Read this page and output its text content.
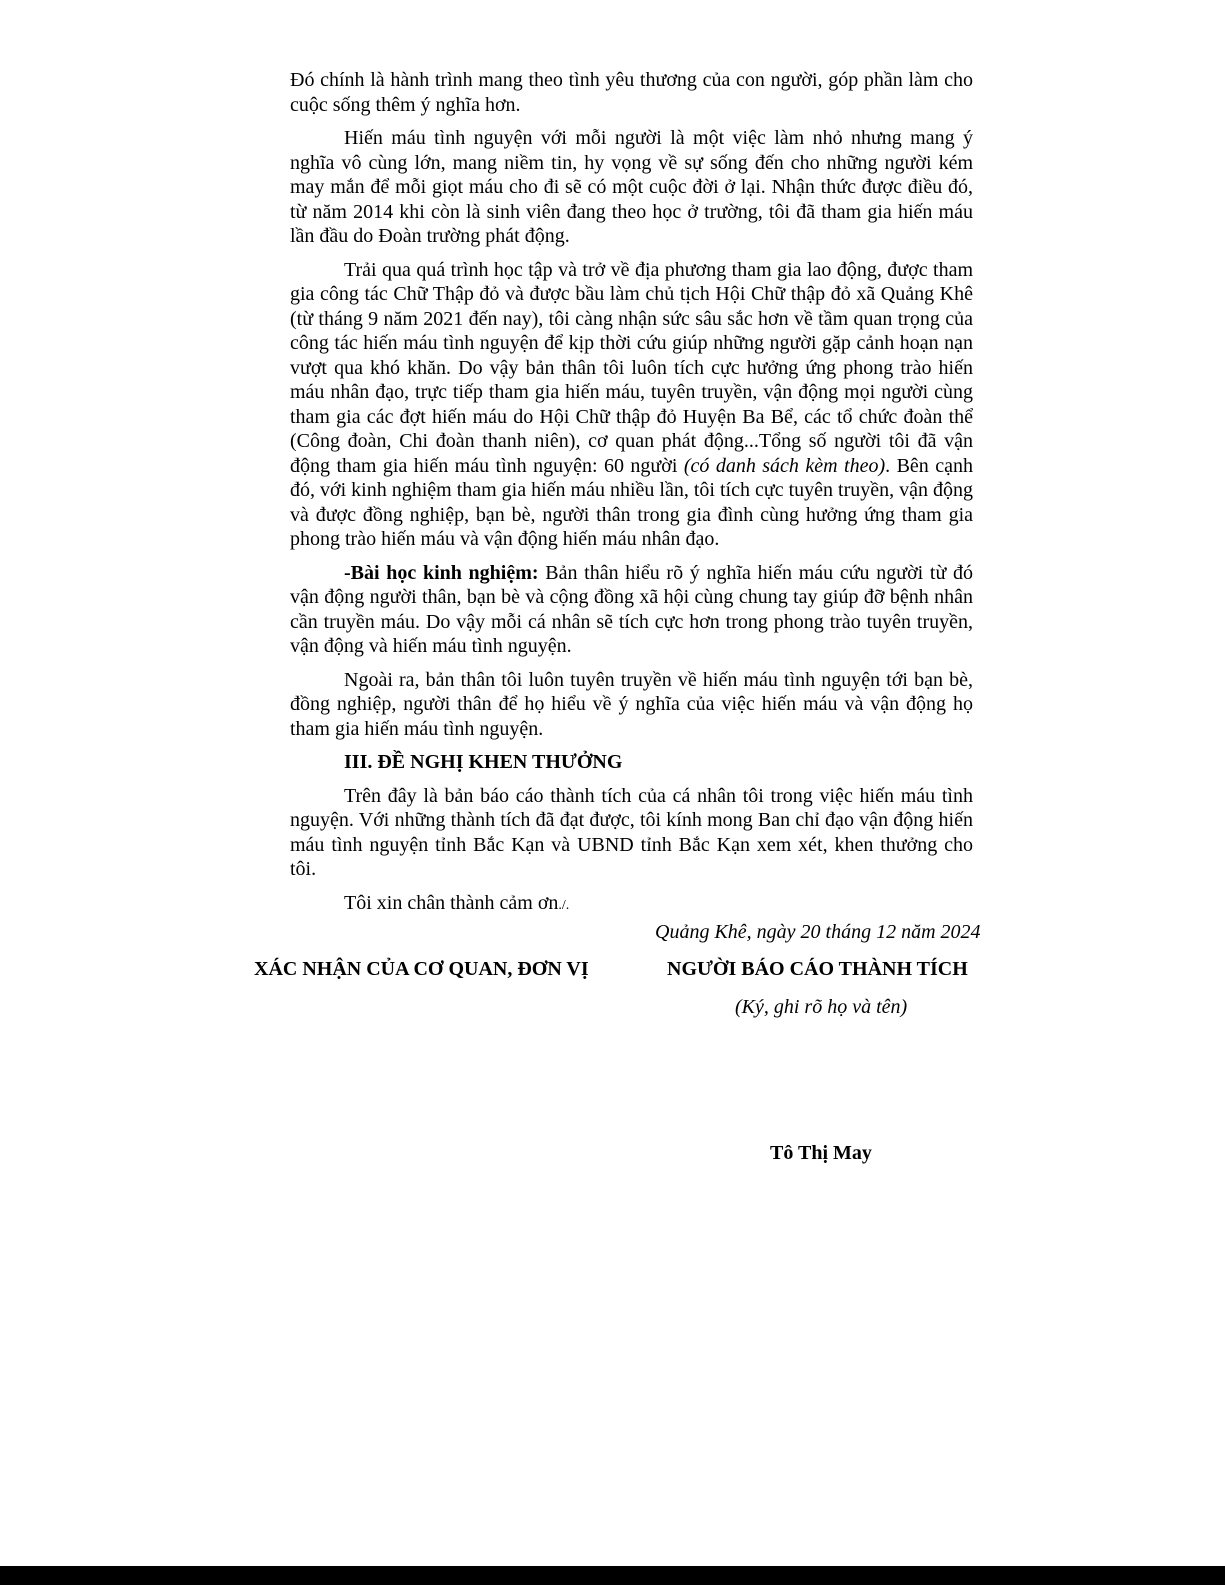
Đó chính là hành trình mang theo tình yêu thương của con người, góp phần làm cho cuộc sống thêm ý nghĩa hơn.

Hiến máu tình nguyện với mỗi người là một việc làm nhỏ nhưng mang ý nghĩa vô cùng lớn, mang niềm tin, hy vọng về sự sống đến cho những người kém may mắn để mỗi giọt máu cho đi sẽ có một cuộc đời ở lại. Nhận thức được điều đó, từ năm 2014 khi còn là sinh viên đang theo học ở trường, tôi đã tham gia hiến máu lần đầu do Đoàn trường phát động.

Trải qua quá trình học tập và trở về địa phương tham gia lao động, được tham gia công tác Chữ Thập đỏ và được bầu làm chủ tịch Hội Chữ thập đỏ xã Quảng Khê (từ tháng 9 năm 2021 đến nay), tôi càng nhận sức sâu sắc hơn về tầm quan trọng của công tác hiến máu tình nguyện để kịp thời cứu giúp những người gặp cảnh hoạn nạn vượt qua khó khăn. Do vậy bản thân tôi luôn tích cực hưởng ứng phong trào hiến máu nhân đạo, trực tiếp tham gia hiến máu, tuyên truyền, vận động mọi người cùng tham gia các đợt hiến máu do Hội Chữ thập đỏ Huyện Ba Bể, các tổ chức đoàn thể (Công đoàn, Chi đoàn thanh niên), cơ quan phát động...Tổng số người tôi đã vận động tham gia hiến máu tình nguyện: 60 người (có danh sách kèm theo). Bên cạnh đó, với kinh nghiệm tham gia hiến máu nhiều lần, tôi tích cực tuyên truyền, vận động và được đồng nghiệp, bạn bè, người thân trong gia đình cùng hưởng ứng tham gia phong trào hiến máu và vận động hiến máu nhân đạo.

-Bài học kinh nghiệm: Bản thân hiểu rõ ý nghĩa hiến máu cứu người từ đó vận động người thân, bạn bè và cộng đồng xã hội cùng chung tay giúp đỡ bệnh nhân cần truyền máu. Do vậy mỗi cá nhân sẽ tích cực hơn trong phong trào tuyên truyền, vận động và hiến máu tình nguyện.

Ngoài ra, bản thân tôi luôn tuyên truyền về hiến máu tình nguyện tới bạn bè, đồng nghiệp, người thân để họ hiểu về ý nghĩa của việc hiến máu và vận động họ tham gia hiến máu tình nguyện.

III. ĐỀ NGHỊ KHEN THƯỞNG

Trên đây là bản báo cáo thành tích của cá nhân tôi trong việc hiến máu tình nguyện. Với những thành tích đã đạt được, tôi kính mong Ban chỉ đạo vận động hiến máu tình nguyện tỉnh Bắc Kạn và UBND tỉnh Bắc Kạn xem xét, khen thưởng cho tôi.

Tôi xin chân thành cảm ơn./.

Quảng Khê, ngày 20 tháng 12 năm 2024
XÁC NHẬN CỦA CƠ QUAN, ĐƠN VỊ	NGƯỜI BÁO CÁO THÀNH TÍCH
(Ký, ghi rõ họ và tên)
Tô Thị May
